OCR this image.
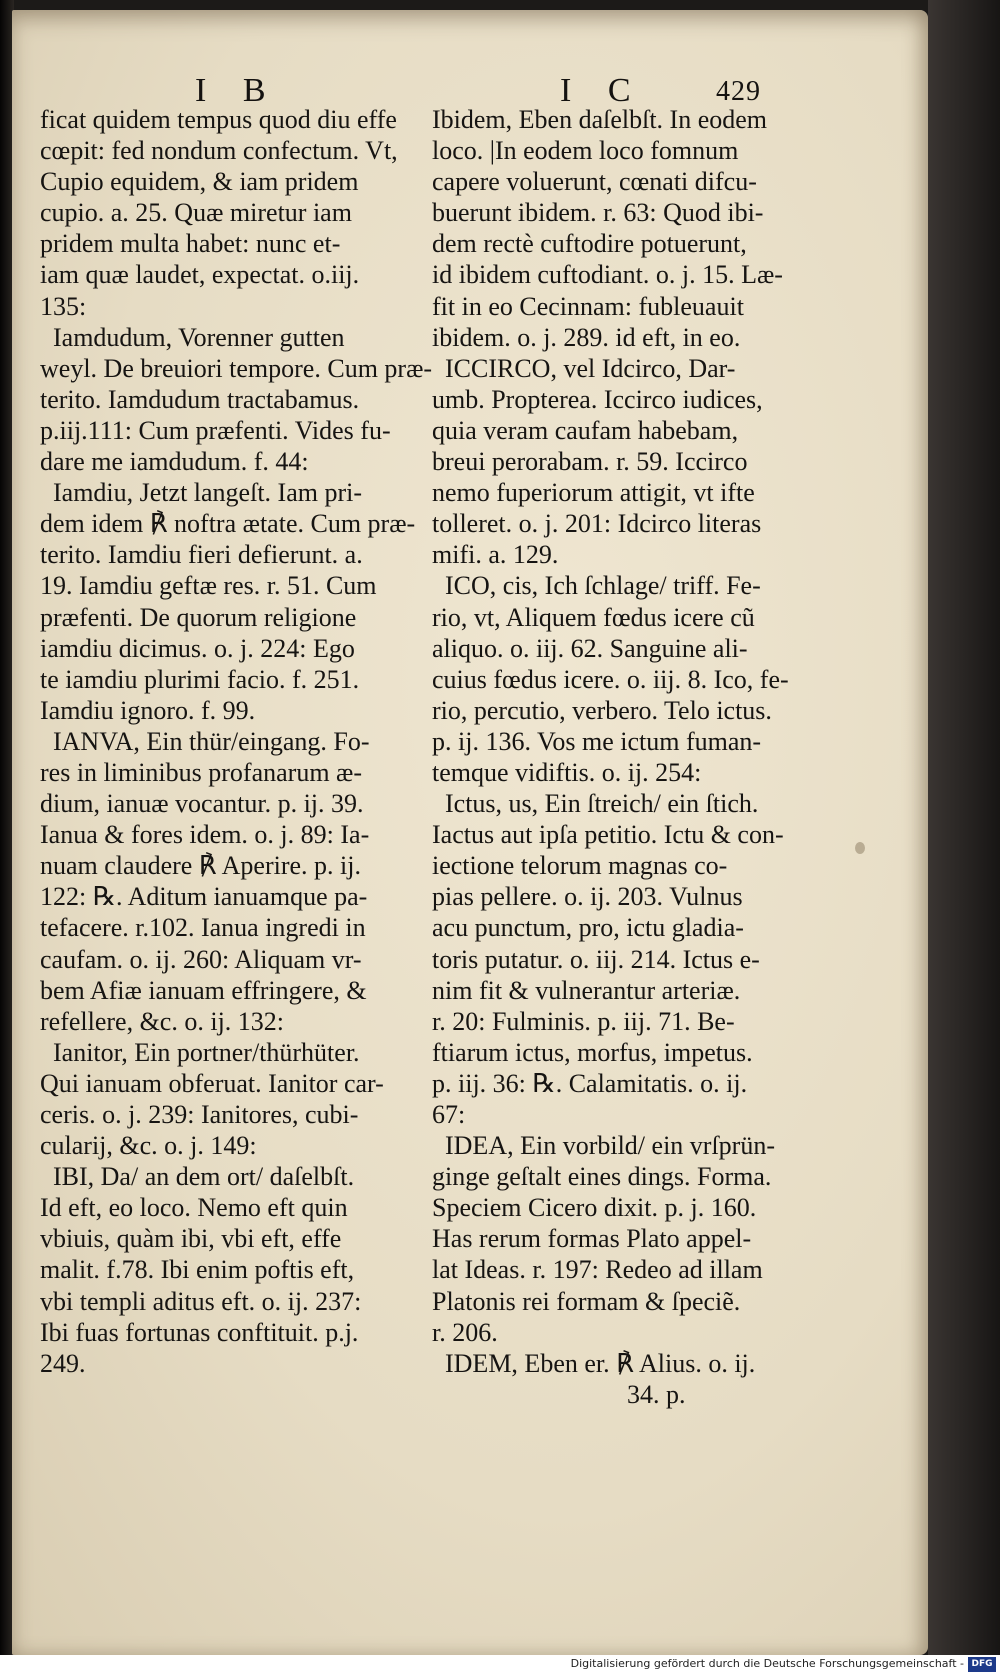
I B	I C	429

ficat quidem tempus quod diu effe

cœpit: fed nondum confectum. Vt,

Cupio equidem, & iam pridem

cupio. a. 25. Quæ miretur iam

pridem multa habet: nunc et-

iam quæ laudet, expectat. o.iij.

135:

Iamdudum, Vorenner gutten

weyl. De breuiori tempore. Cum præ-

terito. Iamdudum tractabamus.

p.iij.111: Cum præfenti. Vides fu-

dare me iamdudum. f. 44:

Iamdiu, Jetzt langeſt. Iam pri-

dem idem ℟ noftra ætate. Cum præ-

terito. Iamdiu fieri defierunt. a.

19. Iamdiu geftæ res. r. 51. Cum

præfenti. De quorum religione

iamdiu dicimus. o. j. 224: Ego

te iamdiu plurimi facio. f. 251.

Iamdiu ignoro. f. 99.

IANVA, Ein thür/eingang. Fo-

res in liminibus profanarum æ-

dium, ianuæ vocantur. p. ij. 39.

Ianua & fores idem. o. j. 89: Ia-

nuam claudere ℟ Aperire. p. ij.

122: ℞. Aditum ianuamque pa-

tefacere. r.102. Ianua ingredi in

caufam. o. ij. 260: Aliquam vr-

bem Afiæ ianuam effringere, &

refellere, &c. o. ij. 132:

Ianitor, Ein portner/thürhüter.

Qui ianuam obferuat. Ianitor car-

ceris. o. j. 239: Ianitores, cubi-

cularij, &c. o. j. 149:

IBI, Da/ an dem ort/ daſelbſt.

Id eft, eo loco. Nemo eft quin

vbiuis, quàm ibi, vbi eft, effe

malit. f.78. Ibi enim poftis eft,

vbi templi aditus eft. o. ij. 237:

Ibi fuas fortunas conftituit. p.j.

249.

Ibidem, Eben daſelbſt. In eodem

loco. |In eodem loco fomnum

capere voluerunt, cœnati difcu-

buerunt ibidem. r. 63: Quod ibi-

dem rectè cuftodire potuerunt,

id ibidem cuftodiant. o. j. 15. Læ-

fit in eo Cecinnam: fubleuauit

ibidem. o. j. 289. id eft, in eo.

ICCIRCO, vel Idcirco, Dar-

umb. Propterea. Iccirco iudices,

quia veram caufam habebam,

breui perorabam. r. 59. Iccirco

nemo fuperiorum attigit, vt ifte

tolleret. o. j. 201: Idcirco literas

mifi. a. 129.

ICO, cis, Ich ſchlage/ triff. Fe-

rio, vt, Aliquem fœdus icere cũ

aliquo. o. iij. 62. Sanguine ali-

cuius fœdus icere. o. iij. 8. Ico, fe-

rio, percutio, verbero. Telo ictus.

p. ij. 136. Vos me ictum fuman-

temque vidiftis. o. ij. 254:

Ictus, us, Ein ſtreich/ ein ſtich.

Iactus aut ipſa petitio. Ictu & con-

iectione telorum magnas co-

pias pellere. o. ij. 203. Vulnus

acu punctum, pro, ictu gladia-

toris putatur. o. iij. 214. Ictus e-

nim fit & vulnerantur arteriæ.

r. 20: Fulminis. p. iij. 71. Be-

ftiarum ictus, morfus, impetus.

p. iij. 36: ℞. Calamitatis. o. ij.

67:

IDEA, Ein vorbild/ ein vrſprün-

ginge geſtalt eines dings. Forma.

Speciem Cicero dixit. p. j. 160.

Has rerum formas Plato appel-

lat Ideas. r. 197: Redeo ad illam

Platonis rei formam & ſpeciẽ.

r. 206.

IDEM, Eben er. ℟ Alius. o. ij.

34. p.

Digitalisierung gefördert durch die Deutsche Forschungsgemeinschaft - DFG
